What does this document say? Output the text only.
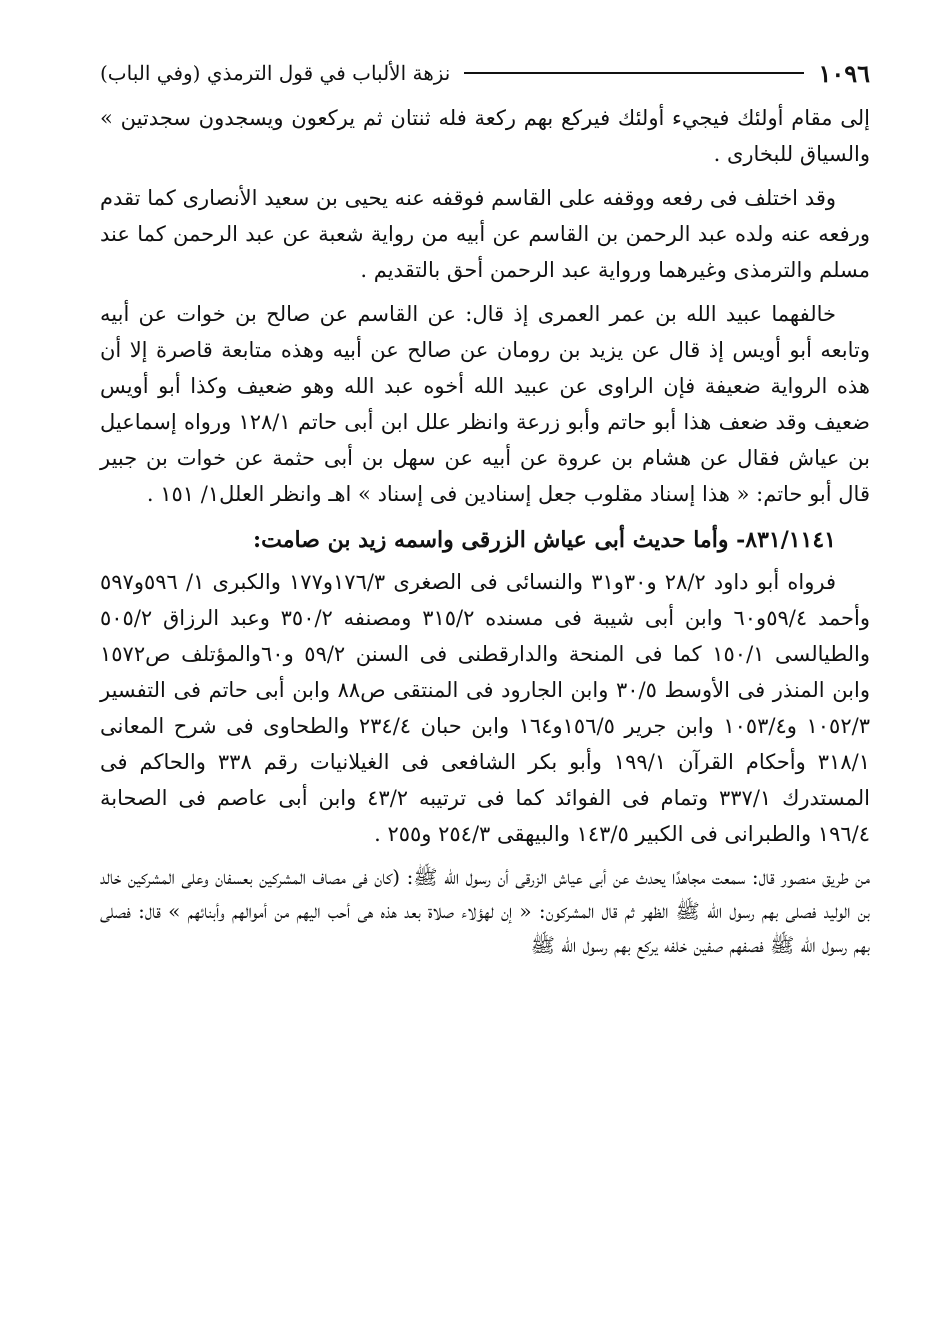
١٠٩٦
نزهة الألباب في قول الترمذي (وفي الباب)

إلى مقام أولئك فيجيء أولئك فيركع بهم ركعة فله ثنتان ثم يركعون ويسجدون سجدتين » والسياق للبخارى .

وقد اختلف فى رفعه ووقفه على القاسم فوقفه عنه يحيى بن سعيد الأنصارى كما تقدم ورفعه عنه ولده عبد الرحمن بن القاسم عن أبيه من رواية شعبة عن عبد الرحمن كما عند مسلم والترمذى وغيرهما ورواية عبد الرحمن أحق بالتقديم .

خالفهما عبيد الله بن عمر العمرى إذ قال: عن القاسم عن صالح بن خوات عن أبيه وتابعه أبو أويس إذ قال عن يزيد بن رومان عن صالح عن أبيه وهذه متابعة قاصرة إلا أن هذه الرواية ضعيفة فإن الراوى عن عبيد الله أخوه عبد الله وهو ضعيف وكذا أبو أويس ضعيف وقد ضعف هذا أبو حاتم وأبو زرعة وانظر علل ابن أبى حاتم ١٢٨/١ ورواه إسماعيل بن عياش فقال عن هشام بن عروة عن أبيه عن سهل بن أبى حثمة عن خوات بن جبير قال أبو حاتم: « هذا إسناد مقلوب جعل إسنادين فى إسناد » اهـ وانظر العلل١/ ١٥١ .

٨٣١/١١٤١- وأما حديث أبى عياش الزرقى واسمه زيد بن صامت:

فرواه أبو داود ٢٨/٢ و٣٠و٣١ والنسائى فى الصغرى ١٧٦/٣و١٧٧ والكبرى ١/ ٥٩٦و٥٩٧ وأحمد ٥٩/٤و٦٠ وابن أبى شيبة فى مسنده ٣١٥/٢ ومصنفه ٣٥٠/٢ وعبد الرزاق ٥٠٥/٢ والطيالسى ١٥٠/١ كما فى المنحة والدارقطنى فى السنن ٥٩/٢ و٦٠والمؤتلف ص١٥٧٢ وابن المنذر فى الأوسط ٣٠/٥ وابن الجارود فى المنتقى ص٨٨ وابن أبى حاتم فى التفسير ١٠٥٢/٣ و١٠٥٣/٤ وابن جرير ١٥٦/٥و١٦٤ وابن حبان ٢٣٤/٤ والطحاوى فى شرح المعانى ٣١٨/١ وأحكام القرآن ١٩٩/١ وأبو بكر الشافعى فى الغيلانيات رقم ٣٣٨ والحاكم فى المستدرك ٣٣٧/١ وتمام فى الفوائد كما فى ترتيبه ٤٣/٢ وابن أبى عاصم فى الصحابة ١٩٦/٤ والطبرانى فى الكبير ١٤٣/٥ والبيهقى ٢٥٤/٣ و٢٥٥ .

من طريق منصور قال: سمعت مجاهدًا يحدث عن أبى عياش الزرقى أن رسول الله ﷺ: (كان فى مصاف المشركين بعسفان وعلى المشركين خالد بن الوليد فصلى بهم رسول الله ﷺ الظهر ثم قال المشركون: « إن لهؤلاء صلاة بعد هذه هى أحب اليهم من أموالهم وأبنائهم » قال: فصلى بهم رسول الله ﷺ فصفهم صفين خلفه يركع بهم رسول الله ﷺ
